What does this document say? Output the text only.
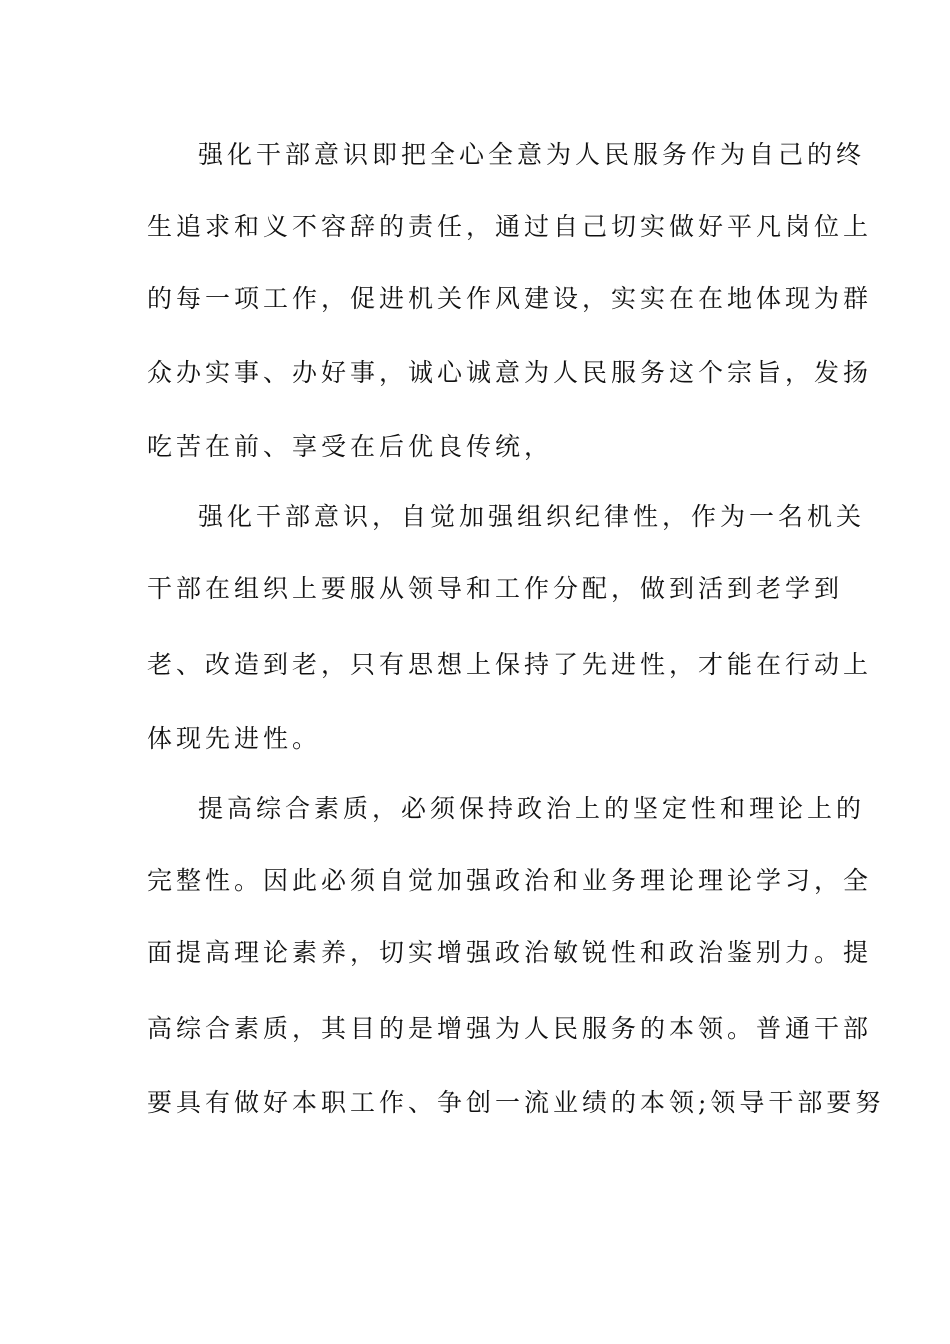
强化干部意识即把全心全意为人民服务作为自己的终

生追求和义不容辞的责任，通过自己切实做好平凡岗位上

的每一项工作，促进机关作风建设，实实在在地体现为群

众办实事、办好事，诚心诚意为人民服务这个宗旨，发扬

吃苦在前、享受在后优良传统，

强化干部意识，自觉加强组织纪律性，作为一名机关

干部在组织上要服从领导和工作分配，做到活到老学到

老、改造到老，只有思想上保持了先进性，才能在行动上

体现先进性。

提高综合素质，必须保持政治上的坚定性和理论上的

完整性。因此必须自觉加强政治和业务理论理论学习，全

面提高理论素养，切实增强政治敏锐性和政治鉴别力。提

高综合素质，其目的是增强为人民服务的本领。普通干部

要具有做好本职工作、争创一流业绩的本领;领导干部要努
